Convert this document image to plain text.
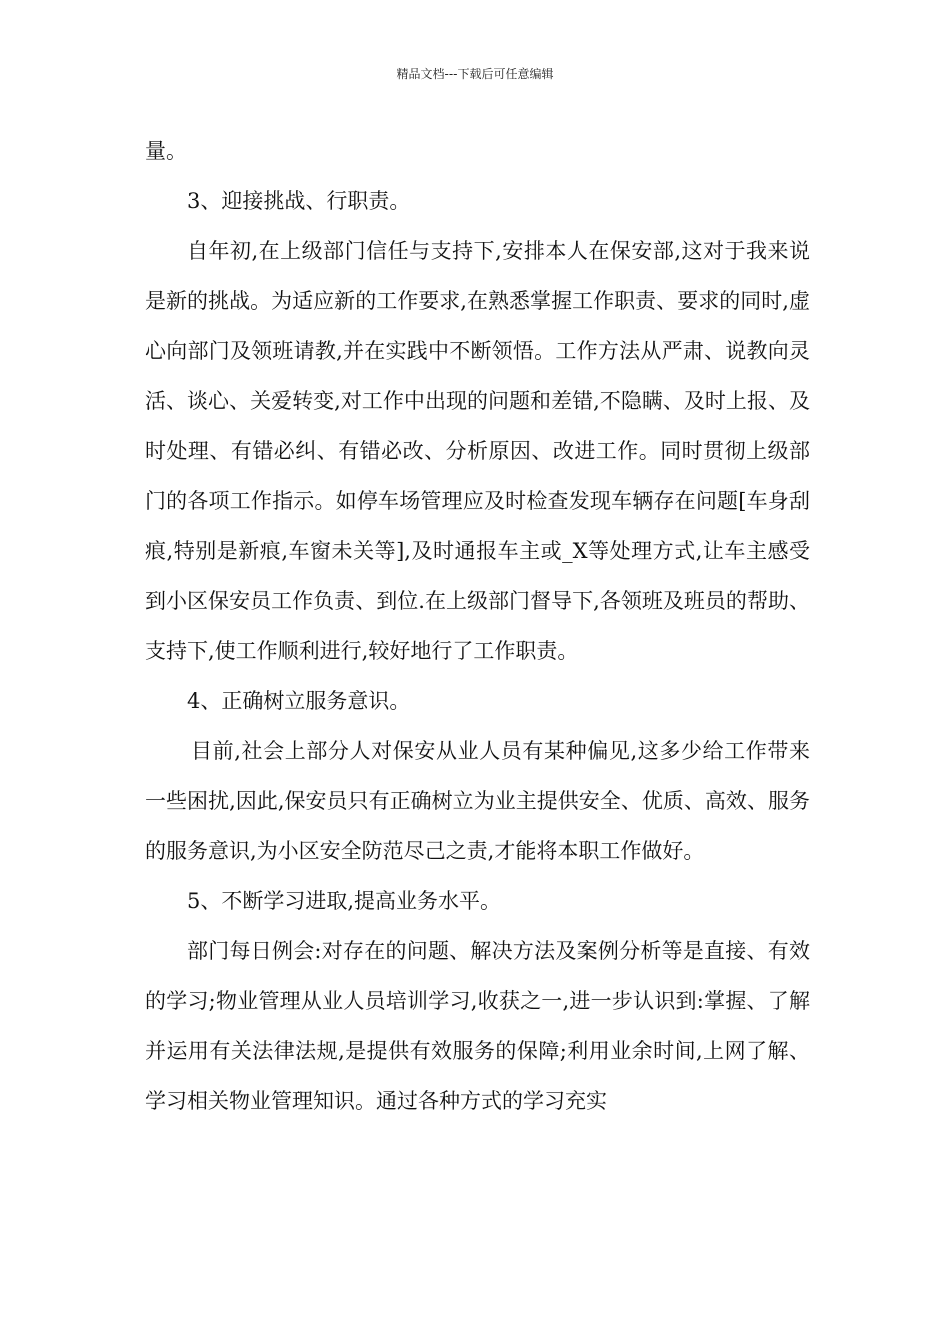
精品文档---下载后可任意编辑

量。

3、迎接挑战、行职责。

自年初,在上级部门信任与支持下,安排本人在保安部,这对于我来说是新的挑战。为适应新的工作要求,在熟悉掌握工作职责、要求的同时,虚心向部门及领班请教,并在实践中不断领悟。工作方法从严肃、说教向灵活、谈心、关爱转变,对工作中出现的问题和差错,不隐瞒、及时上报、及时处理、有错必纠、有错必改、分析原因、改进工作。同时贯彻上级部门的各项工作指示。如停车场管理应及时检查发现车辆存在问题[车身刮痕,特别是新痕,车窗未关等],及时通报车主或_X等处理方式,让车主感受到小区保安员工作负责、到位.在上级部门督导下,各领班及班员的帮助、支持下,使工作顺利进行,较好地行了工作职责。

4、正确树立服务意识。

目前,社会上部分人对保安从业人员有某种偏见,这多少给工作带来一些困扰,因此,保安员只有正确树立为业主提供安全、优质、高效、服务的服务意识,为小区安全防范尽己之责,才能将本职工作做好。

5、不断学习进取,提高业务水平。

部门每日例会:对存在的问题、解决方法及案例分析等是直接、有效的学习;物业管理从业人员培训学习,收获之一,进一步认识到:掌握、了解并运用有关法律法规,是提供有效服务的保障;利用业余时间,上网了解、学习相关物业管理知识。通过各种方式的学习充实
